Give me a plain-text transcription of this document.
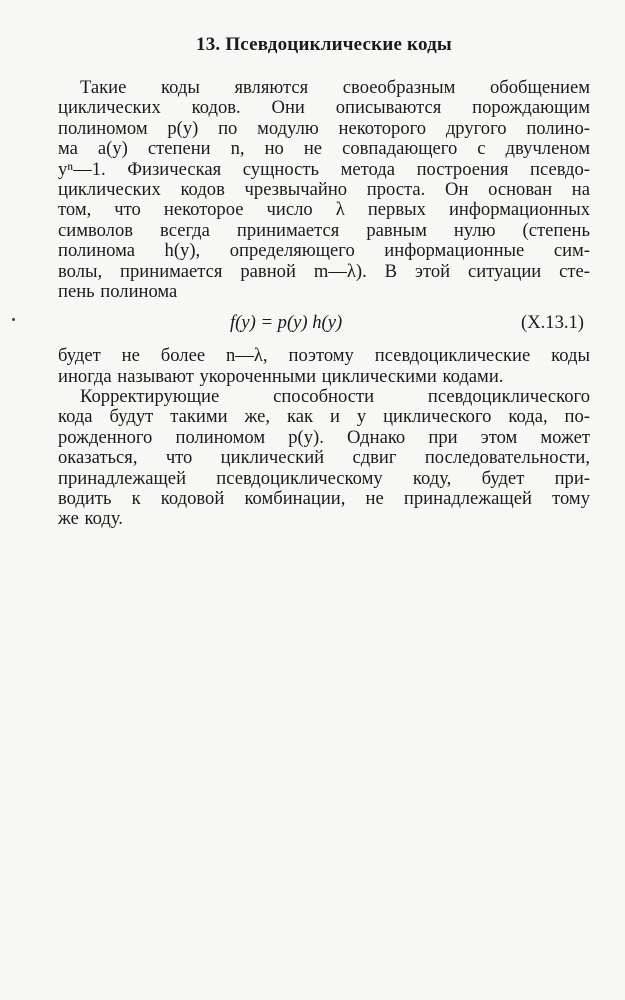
13. Псевдоциклические коды
Такие коды являются своеобразным обобщением
циклических кодов. Они описываются порождающим
полиномом p(y) по модулю некоторого другого полино-
ма a(y) степени n, но не совпадающего с двучленом
yⁿ—1. Физическая сущность метода построения псевдо-
циклических кодов чрезвычайно проста. Он основан на
том, что некоторое число λ первых информационных
символов всегда принимается равным нулю (степень
полинома h(y), определяющего информационные сим-
волы, принимается равной m—λ). В этой ситуации сте-
пень полинома
f(y) = p(y) h(y)	(X.13.1)
будет не более n—λ, поэтому псевдоциклические коды
иногда называют укороченными циклическими кодами.
Корректирующие способности псевдоциклического
кода будут такими же, как и у циклического кода, по-
рожденного полиномом p(y). Однако при этом может
оказаться, что циклический сдвиг последовательности,
принадлежащей псевдоциклическому коду, будет при-
водить к кодовой комбинации, не принадлежащей тому
же коду.
